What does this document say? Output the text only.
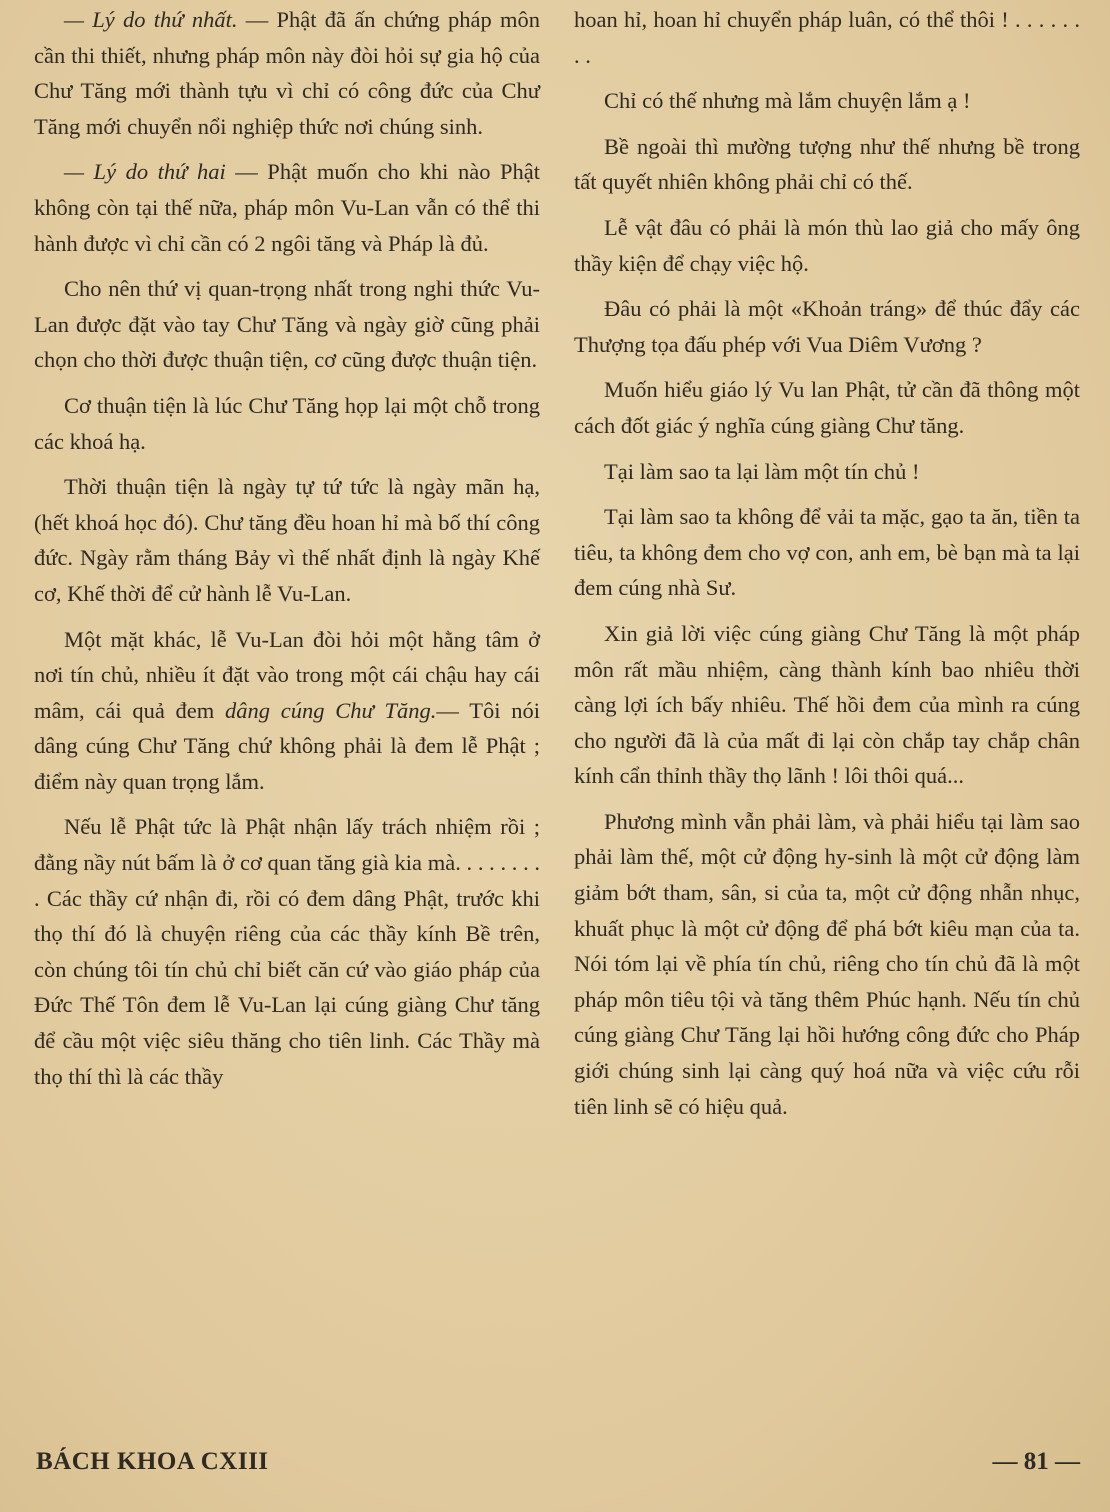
— Lý do thứ nhất. — Phật đã ấn chứng pháp môn cần thi thiết, nhưng pháp môn này đòi hỏi sự gia hộ của Chư Tăng mới thành tựu vì chỉ có công đức của Chư Tăng mới chuyển nổi nghiệp thức nơi chúng sinh.

— Lý do thứ hai — Phật muốn cho khi nào Phật không còn tại thế nữa, pháp môn Vu-Lan vẫn có thể thi hành được vì chỉ cần có 2 ngôi tăng và Pháp là đủ.

Cho nên thứ vị quan-trọng nhất trong nghi thức Vu-Lan được đặt vào tay Chư Tăng và ngày giờ cũng phải chọn cho thời được thuận tiện, cơ cũng được thuận tiện.

Cơ thuận tiện là lúc Chư Tăng họp lại một chỗ trong các khoá hạ.

Thời thuận tiện là ngày tự tứ tức là ngày mãn hạ, (hết khoá học đó). Chư tăng đều hoan hỉ mà bố thí công đức. Ngày rằm tháng Bảy vì thế nhất định là ngày Khế cơ, Khế thời để cử hành lễ Vu-Lan.

Một mặt khác, lễ Vu-Lan đòi hỏi một hằng tâm ở nơi tín chủ, nhiều ít đặt vào trong một cái chậu hay cái mâm, cái quả đem dâng cúng Chư Tăng.— Tôi nói dâng cúng Chư Tăng chứ không phải là đem lễ Phật ; điểm này quan trọng lắm.

Nếu lễ Phật tức là Phật nhận lấy trách nhiệm rồi ; đằng nầy nút bấm là ở cơ quan tăng già kia mà. . . . . . . . . Các thầy cứ nhận đi, rồi có đem dâng Phật, trước khi thọ thí đó là chuyện riêng của các thầy kính Bề trên, còn chúng tôi tín chủ chỉ biết căn cứ vào giáo pháp của Đức Thế Tôn đem lễ Vu-Lan lại cúng giàng Chư tăng để cầu một việc siêu thăng cho tiên linh. Các Thầy mà thọ thí thì là các thầy

hoan hỉ, hoan hỉ chuyển pháp luân, có thể thôi ! . . . . . . . .

Chỉ có thế nhưng mà lắm chuyện lắm ạ !

Bề ngoài thì mường tượng như thế nhưng bề trong tất quyết nhiên không phải chỉ có thế.

Lễ vật đâu có phải là món thù lao giả cho mấy ông thầy kiện để chạy việc hộ.

Đâu có phải là một «Khoản tráng» để thúc đẩy các Thượng tọa đấu phép với Vua Diêm Vương ?

Muốn hiểu giáo lý Vu lan Phật, tử cần đã thông một cách đốt giác ý nghĩa cúng giàng Chư tăng.

Tại làm sao ta lại làm một tín chủ !

Tại làm sao ta không để vải ta mặc, gạo ta ăn, tiền ta tiêu, ta không đem cho vợ con, anh em, bè bạn mà ta lại đem cúng nhà Sư.

Xin giả lời việc cúng giàng Chư Tăng là một pháp môn rất mầu nhiệm, càng thành kính bao nhiêu thời càng lợi ích bấy nhiêu. Thế hồi đem của mình ra cúng cho người đã là của mất đi lại còn chắp tay chắp chân kính cẩn thỉnh thầy thọ lãnh ! lôi thôi quá...

Phương mình vẫn phải làm, và phải hiểu tại làm sao phải làm thế, một cử động hy-sinh là một cử động làm giảm bớt tham, sân, si của ta, một cử động nhẫn nhục, khuất phục là một cử động để phá bớt kiêu mạn của ta. Nói tóm lại về phía tín chủ, riêng cho tín chủ đã là một pháp môn tiêu tội và tăng thêm Phúc hạnh. Nếu tín chủ cúng giàng Chư Tăng lại hồi hướng công đức cho Pháp giới chúng sinh lại càng quý hoá nữa và việc cứu rỗi tiên linh sẽ có hiệu quả.

BÁCH KHOA CXIII	— 81 —
